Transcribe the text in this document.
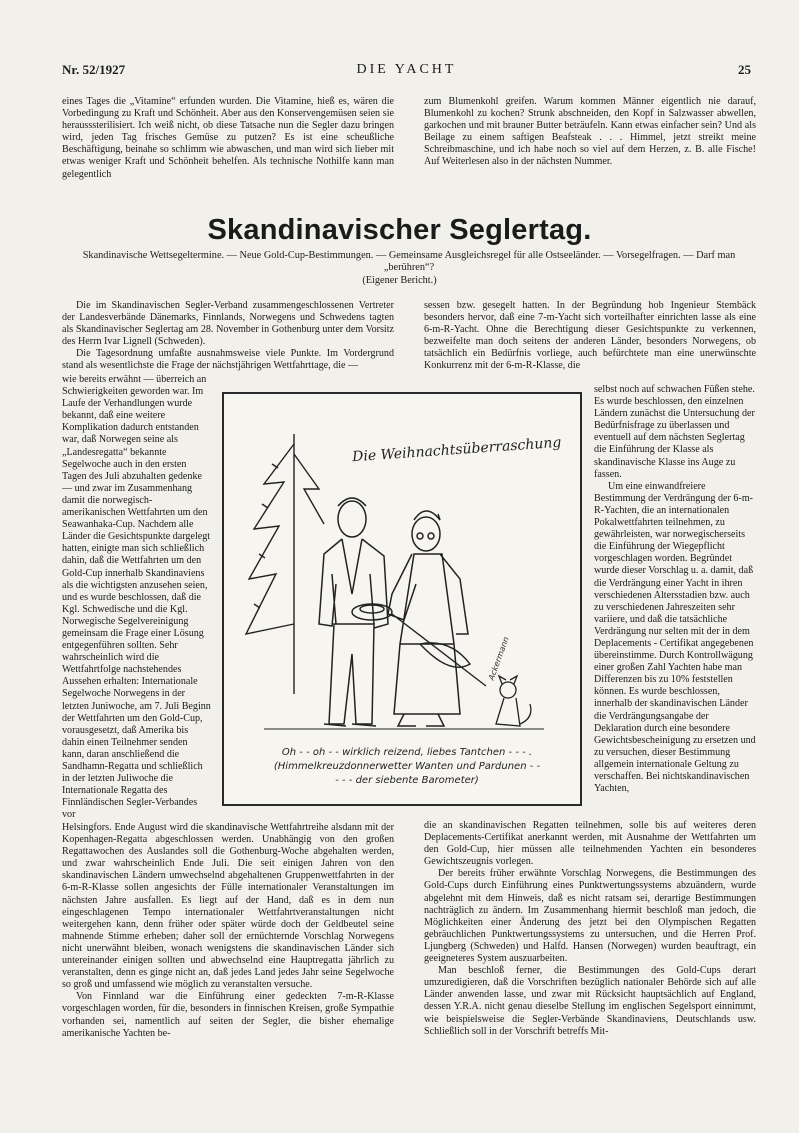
Nr. 52/1927	DIE YACHT	25

eines Tages die „Vitamine“ erfunden wurden. Die Vitamine, hieß es, wären die Vorbedingung zu Kraft und Schönheit. Aber aus den Konservengemüsen seien sie herausssterilisiert. Ich weiß nicht, ob diese Tatsache nun die Segler dazu bringen wird, jeden Tag frisches Gemüse zu putzen? Es ist eine scheußliche Beschäftigung, beinahe so schlimm wie abwaschen, und man wird sich lieber mit etwas weniger Kraft und Schönheit behelfen. Als technische Nothilfe kann man gelegentlich

zum Blumenkohl greifen. Warum kommen Männer eigentlich nie darauf, Blumenkohl zu kochen? Strunk abschneiden, den Kopf in Salzwasser abwellen, garkochen und mit brauner Butter beträufeln. Kann etwas einfacher sein? Und als Beilage zu einem saftigen Beafsteak . . . Himmel, jetzt streikt meine Schreibmaschine, und ich habe noch so viel auf dem Herzen, z. B. alle Fische! Auf Weiterlesen also in der nächsten Nummer.

Skandinavischer Seglertag.
Skandinavische Wettsegeltermine. — Neue Gold-Cup-Bestimmungen. — Gemeinsame Ausgleichsregel für alle Ostseeländer. — Vorsegelfragen. — Darf man „berühren“?
(Eigener Bericht.)

Die im Skandinavischen Segler-Verband zusammengeschlossenen Vertreter der Landesverbände Dänemarks, Finnlands, Norwegens und Schwedens tagten als Skandinavischer Seglertag am 28. November in Gothenburg unter dem Vorsitz des Herrn Ivar Lignell (Schweden).

Die Tagesordnung umfaßte ausnahmsweise viele Punkte. Im Vordergrund stand als wesentlichste die Frage der nächstjährigen Wettfahrttage, die —

wie bereits erwähnt — überreich an Schwierigkeiten geworden war. Im Laufe der Verhandlungen wurde bekannt, daß eine weitere Komplikation dadurch entstanden war, daß Norwegen seine als „Landesregatta“ bekannte Segelwoche auch in den ersten Tagen des Juli abzuhalten gedenke — und zwar im Zusammenhang damit die norwegisch-amerikanischen Wettfahrten um den Seawanhaka-Cup. Nachdem alle Länder die Gesichtspunkte dargelegt hatten, einigte man sich schließlich dahin, daß die Wettfahrten um den Gold-Cup innerhalb Skandinaviens als die wichtigsten anzusehen seien, und es wurde beschlossen, daß die Kgl. Schwedische und die Kgl. Norwegische Segelvereinigung gemeinsam die Frage einer Lösung entgegenführen sollten. Sehr wahrscheinlich wird die Wettfahrtfolge nachstehendes Aussehen erhalten: Internationale Segelwoche Norwegens in der letzten Juniwoche, am 7. Juli Beginn der Wettfahrten um den Gold-Cup, vorausgesetzt, daß Amerika bis dahin einen Teilnehmer senden kann, daran anschließend die Sandhamn-Regatta und schließlich in der letzten Juliwoche die Internationale Regatta des Finnländischen Segler-Verbandes vor

Helsingfors. Ende August wird die skandinavische Wettfahrtreihe alsdann mit der Kopenhagen-Regatta abgeschlossen werden. Unabhängig von den großen Regattawochen des Auslandes soll die Gothenburg-Woche abgehalten werden, und zwar wahrscheinlich Ende Juli. Die seit einigen Jahren von den skandinavischen Ländern umwechselnd abgehaltenen Gruppenwettfahrten in der 6-m-R-Klasse sollen angesichts der Fülle internationaler Veranstaltungen im nächsten Jahre ausfallen. Es liegt auf der Hand, daß es in dem nun eingeschlagenen Tempo internationaler Wettfahrtveranstaltungen nicht weitergehen kann, denn früher oder später würde doch der Geldbeutel seine mahnende Stimme erheben; daher soll der ernüchternde Vorschlag Norwegens nicht unerwähnt bleiben, wonach wenigstens die skandinavischen Länder sich untereinander einigen sollten und abwechselnd eine Hauptregatta jährlich zu veranstalten, denn es ginge nicht an, daß jedes Land jedes Jahr seine Segelwoche so groß und umfassend wie möglich zu veranstalten versuche.

Von Finnland war die Einführung einer gedeckten 7-m-R-Klasse vorgeschlagen worden, für die, besonders in finnischen Kreisen, große Sympathie vorhanden sei, namentlich auf seiten der Segler, die bisher ehemalige amerikanische Yachten be-

sessen bzw. gesegelt hatten. In der Begründung hob Ingenieur Stembäck besonders hervor, daß eine 7-m-Yacht sich vorteilhafter einrichten lasse als eine 6-m-R-Yacht. Ohne die Berechtigung dieser Gesichtspunkte zu verkennen, bezweifelte man doch seitens der anderen Länder, besonders Norwegens, ob tatsächlich ein Bedürfnis vorliege, auch befürchtete man eine unerwünschte Konkurrenz mit der 6-m-R-Klasse, die

selbst noch auf schwachen Füßen stehe. Es wurde beschlossen, den einzelnen Ländern zunächst die Untersuchung der Bedürfnisfrage zu überlassen und eventuell auf dem nächsten Seglertag die Einführung der Klasse als skandinavische Klasse ins Auge zu fassen.

Um eine einwandfreiere Bestimmung der Verdrängung der 6-m-R-Yachten, die an internationalen Pokalwettfahrten teilnehmen, zu gewährleisten, war norwegischerseits die Einführung der Wiegepflicht vorgeschlagen worden. Begründet wurde dieser Vorschlag u. a. damit, daß die Verdrängung einer Yacht in ihren verschiedenen Altersstadien bzw. auch zu verschiedenen Jahreszeiten sehr variiere, und daß die tatsächliche Verdrängung nur selten mit der in dem Deplacements - Certifikat angegebenen übereinstimme. Durch Kontrollwägung einer großen Zahl Yachten habe man Differenzen bis zu 10% feststellen können. Es wurde beschlossen, innerhalb der skandinavischen Länder die Verdrängungsangabe der Deklaration durch eine besondere Gewichtsbescheinigung zu ersetzen und zu versuchen, dieser Bestimmung allgemein internationale Geltung zu verschaffen. Bei nichtskandinavischen Yachten,

die an skandinavischen Regatten teilnehmen, solle bis auf weiteres deren Deplacements-Certifikat anerkannt werden, mit Ausnahme der Wettfahrten um den Gold-Cup, hier müssen alle teilnehmenden Yachten ein besonderes Gewichtszeugnis vorlegen.

Der bereits früher erwähnte Vorschlag Norwegens, die Bestimmungen des Gold-Cups durch Einführung eines Punktwertungssystems abzuändern, wurde abgelehnt mit dem Hinweis, daß es nicht ratsam sei, derartige Bestimmungen nachträglich zu ändern. Im Zusammenhang hiermit beschloß man jedoch, die Möglichkeiten einer Änderung des jetzt bei den Olympischen Regatten gebräuchlichen Punktwertungssystems zu untersuchen, und die Herren Prof. Ljungberg (Schweden) und Halfd. Hansen (Norwegen) wurden beauftragt, ein geeigneteres System auszuarbeiten.

Man beschloß ferner, die Bestimmungen des Gold-Cups derart umzuredigieren, daß die Vorschriften bezüglich nationaler Behörde sich auf alle Länder anwenden lasse, und zwar mit Rücksicht hauptsächlich auf England, dessen Y.R.A. nicht genau dieselbe Stellung im englischen Segelsport einnimmt, wie beispielsweise die Segler-Verbände Skandinaviens, Deutschlands usw. Schließlich soll in der Vorschrift betreffs Mit-

Die Weihnachtsüberraschung
Ackermann
Oh - - oh - - wirklich reizend, liebes Tantchen - - - .
(Himmelkreuzdonnerwetter Wanten und Pardunen - -
- - - der siebente Barometer)
